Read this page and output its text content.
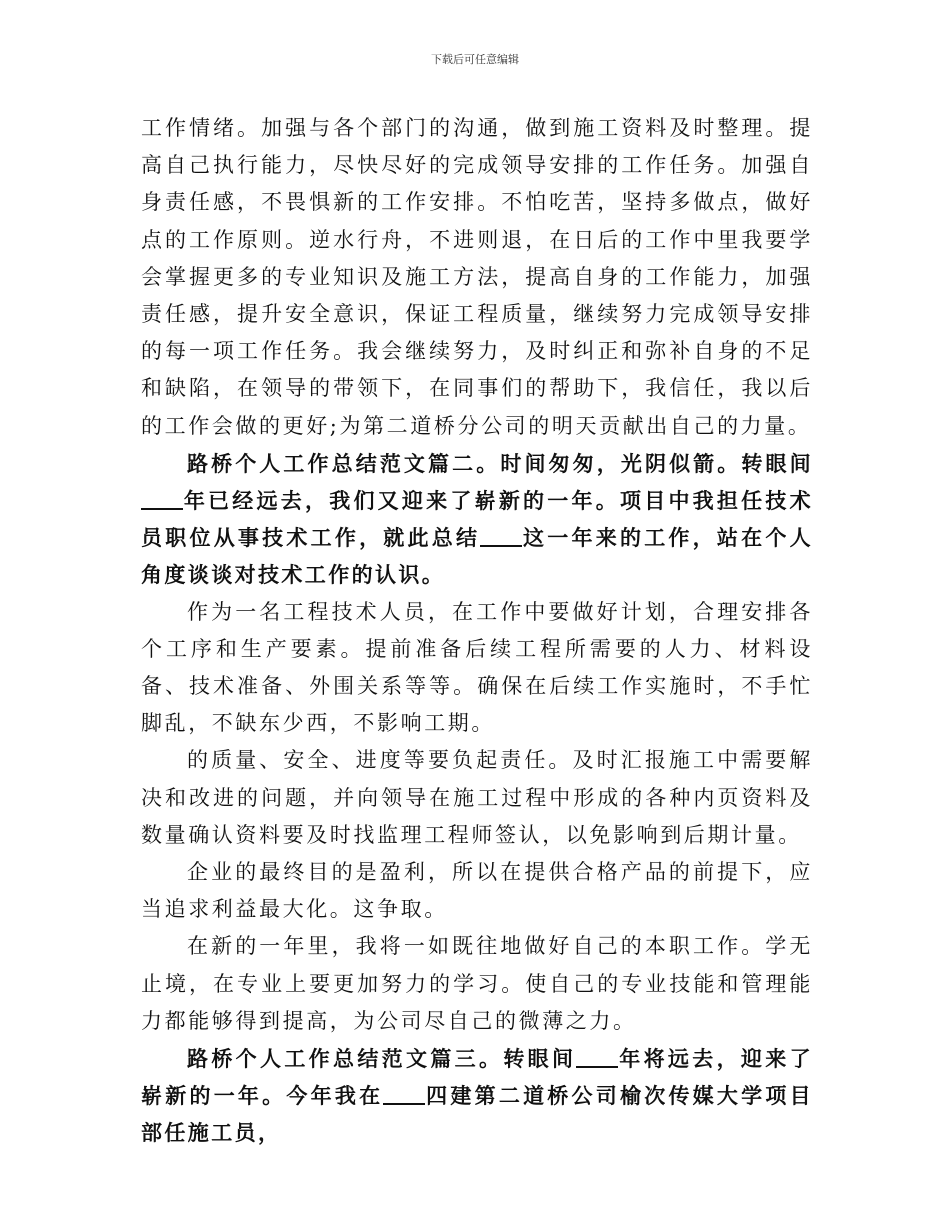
下载后可任意编辑

工作情绪。加强与各个部门的沟通，做到施工资料及时整理。提高自己执行能力，尽快尽好的完成领导安排的工作任务。加强自身责任感，不畏惧新的工作安排。不怕吃苦，坚持多做点，做好点的工作原则。逆水行舟，不进则退，在日后的工作中里我要学会掌握更多的专业知识及施工方法，提高自身的工作能力，加强责任感，提升安全意识，保证工程质量，继续努力完成领导安排的每一项工作任务。我会继续努力，及时纠正和弥补自身的不足和缺陷，在领导的带领下，在同事们的帮助下，我信任，我以后的工作会做的更好;为第二道桥分公司的明天贡献出自己的力量。

路桥个人工作总结范文篇二。时间匆匆，光阴似箭。转眼间年已经远去，我们又迎来了崭新的一年。项目中我担任技术员职位从事技术工作，就此总结 这一年来的工作，站在个人角度谈谈对技术工作的认识。

作为一名工程技术人员，在工作中要做好计划，合理安排各个工序和生产要素。提前准备后续工程所需要的人力、材料设备、技术准备、外围关系等等。确保在后续工作实施时，不手忙脚乱，不缺东少西，不影响工期。

的质量、安全、进度等要负起责任。及时汇报施工中需要解决和改进的问题，并向领导在施工过程中形成的各种内页资料及数量确认资料要及时找监理工程师签认，以免影响到后期计量。

企业的最终目的是盈利，所以在提供合格产品的前提下，应当追求利益最大化。这争取。

在新的一年里，我将一如既往地做好自己的本职工作。学无止境，在专业上要更加努力的学习。使自己的专业技能和管理能力都能够得到提高，为公司尽自己的微薄之力。

路桥个人工作总结范文篇三。转眼间 年将远去，迎来了崭新的一年。今年我在 四建第二道桥公司榆次传媒大学项目部任施工员，
